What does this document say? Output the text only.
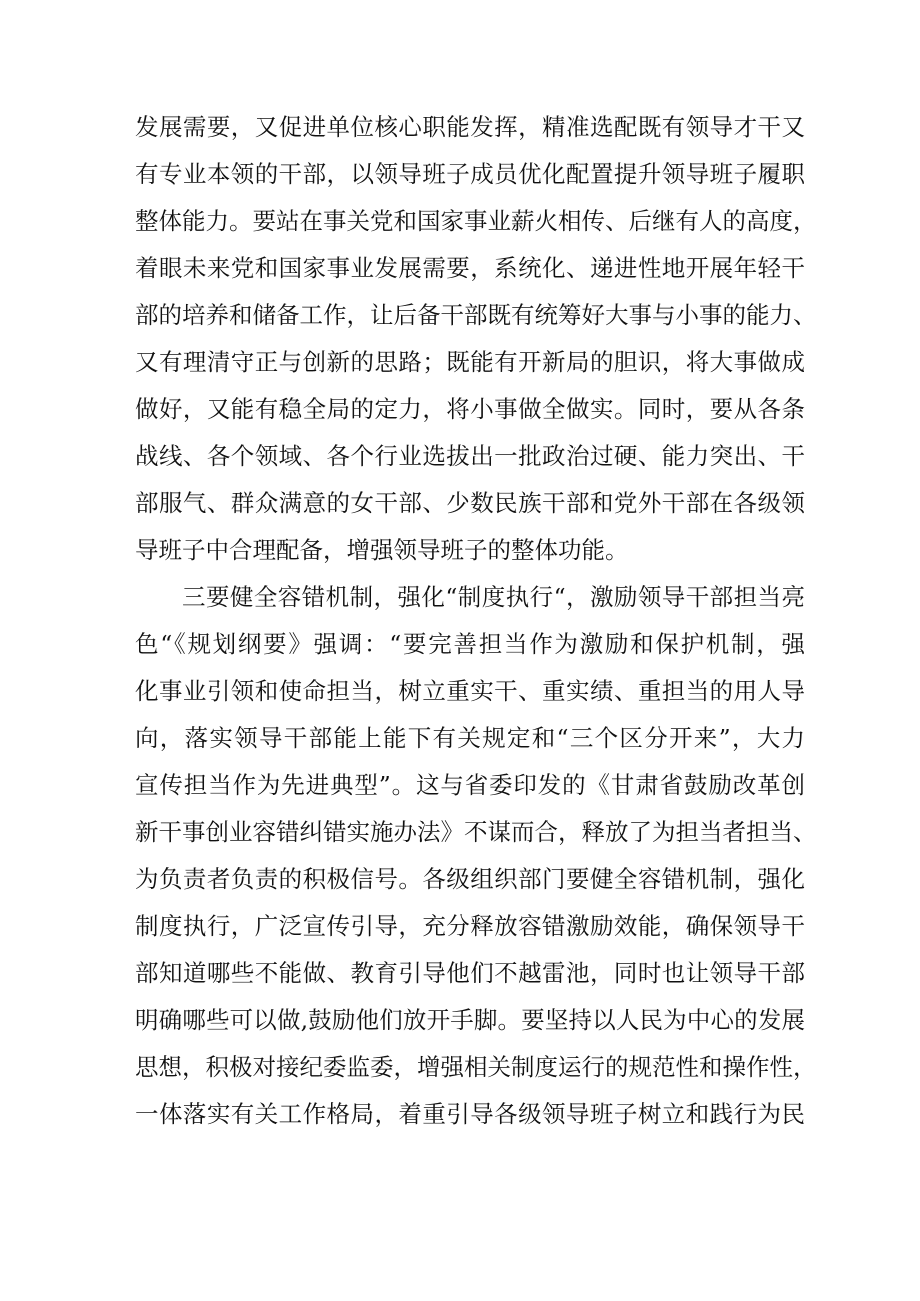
发展需要，又促进单位核心职能发挥，精准选配既有领导才干又
有专业本领的干部，以领导班子成员优化配置提升领导班子履职
整体能力。要站在事关党和国家事业薪火相传、后继有人的高度，
着眼未来党和国家事业发展需要，系统化、递进性地开展年轻干
部的培养和储备工作，让后备干部既有统筹好大事与小事的能力、
又有理清守正与创新的思路；既能有开新局的胆识，将大事做成
做好，又能有稳全局的定力，将小事做全做实。同时，要从各条
战线、各个领域、各个行业选拔出一批政治过硬、能力突出、干
部服气、群众满意的女干部、少数民族干部和党外干部在各级领
导班子中合理配备，增强领导班子的整体功能。
三要健全容错机制，强化“制度执行“，激励领导干部担当亮
色“《规划纲要》强调：“要完善担当作为激励和保护机制，强
化事业引领和使命担当，树立重实干、重实绩、重担当的用人导
向，落实领导干部能上能下有关规定和“三个区分开来”，大力
宣传担当作为先进典型”。这与省委印发的《甘肃省鼓励改革创
新干事创业容错纠错实施办法》不谋而合，释放了为担当者担当、
为负责者负责的积极信号。各级组织部门要健全容错机制，强化
制度执行，广泛宣传引导，充分释放容错激励效能，确保领导干
部知道哪些不能做、教育引导他们不越雷池，同时也让领导干部
明确哪些可以做,鼓励他们放开手脚。要坚持以人民为中心的发展
思想，积极对接纪委监委，增强相关制度运行的规范性和操作性，
一体落实有关工作格局，着重引导各级领导班子树立和践行为民
